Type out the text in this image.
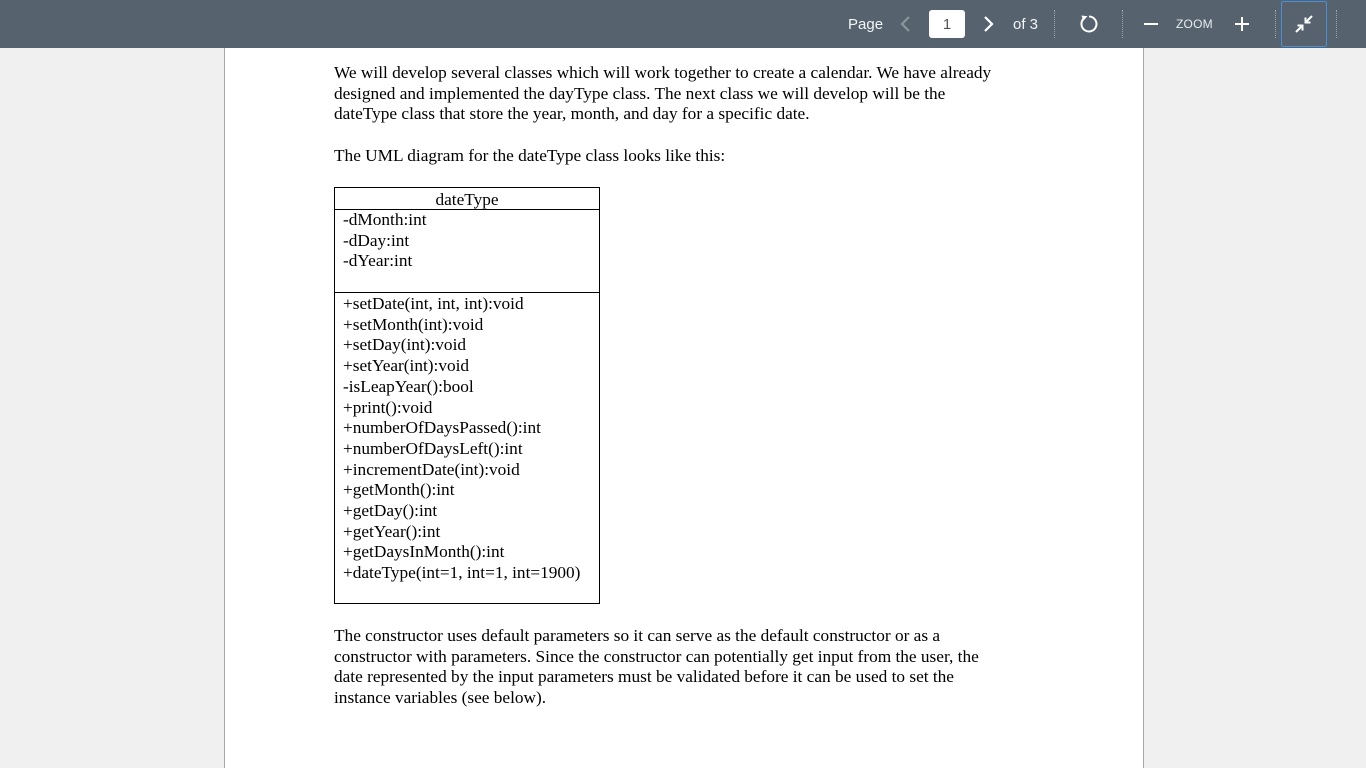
Page
1	of 3	ZOOM

We will develop several classes which will work together to create a calendar. We have already
designed and implemented the dayType class. The next class we will develop will be the
dateType class that store the year, month, and day for a specific date.

The UML diagram for the dateType class looks like this:

dateType
-dMonth:int
-dDay:int
-dYear:int
+setDate(int, int, int):void
+setMonth(int):void
+setDay(int):void
+setYear(int):void
-isLeapYear():bool
+print():void
+numberOfDaysPassed():int
+numberOfDaysLeft():int
+incrementDate(int):void
+getMonth():int
+getDay():int
+getYear():int
+getDaysInMonth():int
+dateType(int=1, int=1, int=1900)

The constructor uses default parameters so it can serve as the default constructor or as a
constructor with parameters. Since the constructor can potentially get input from the user, the
date represented by the input parameters must be validated before it can be used to set the
instance variables (see below).
